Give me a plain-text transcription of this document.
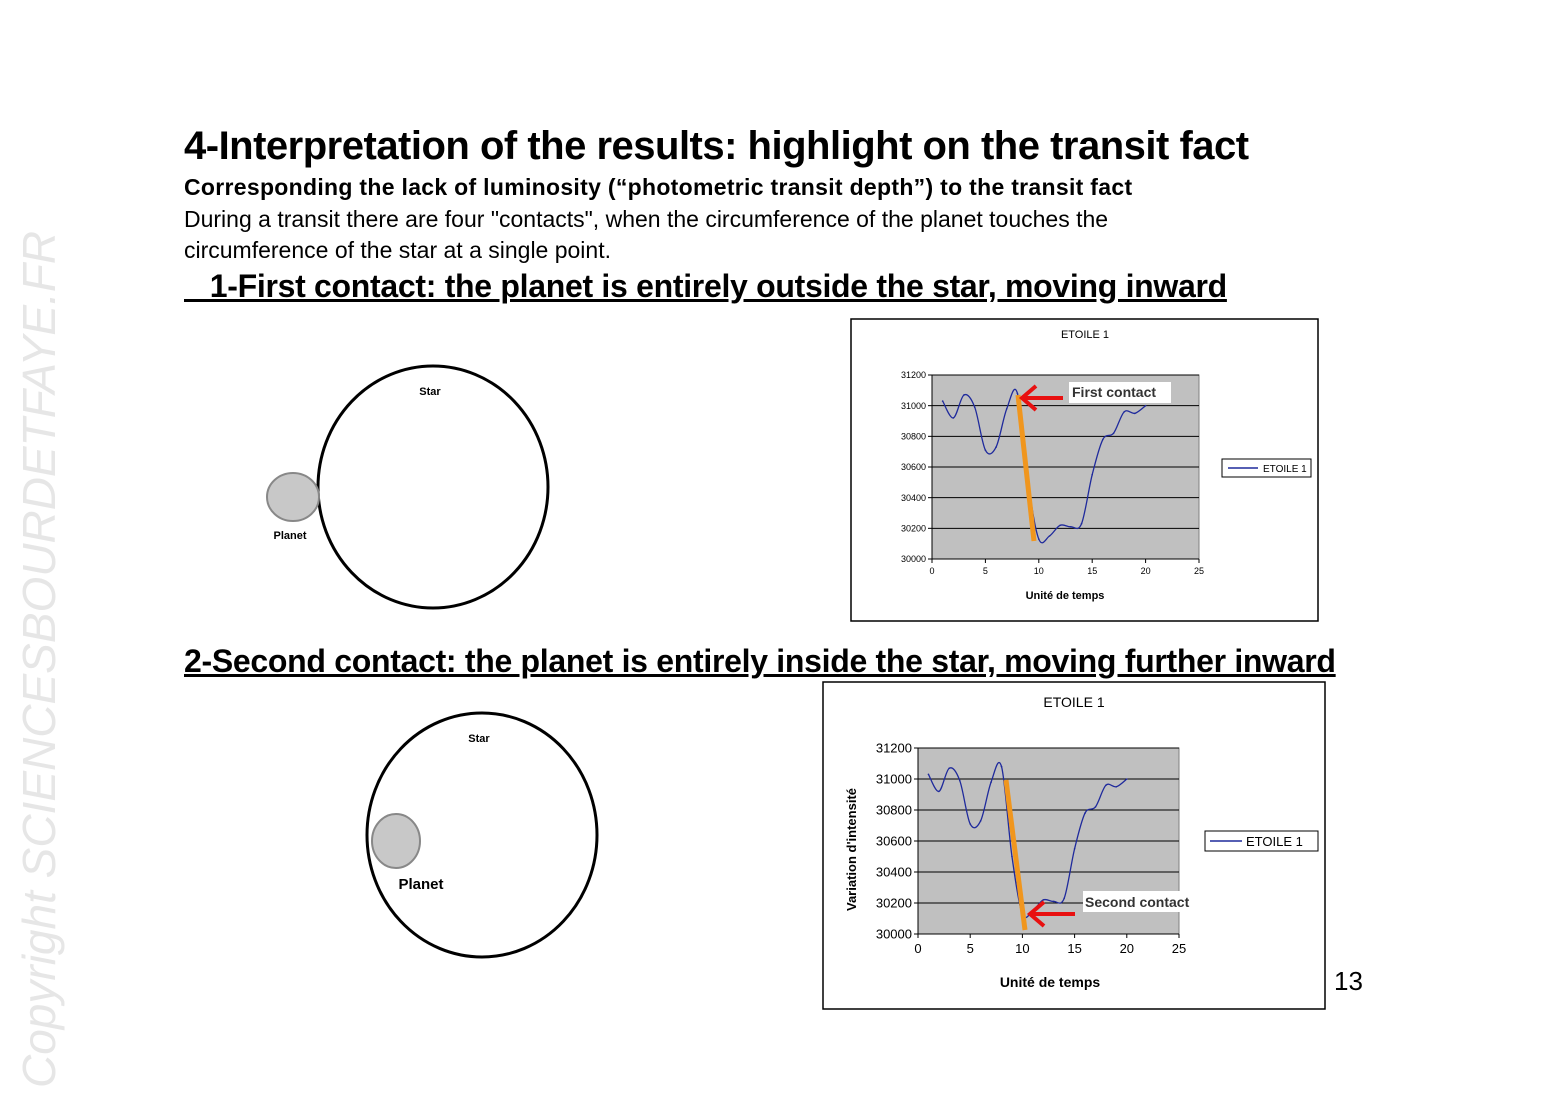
Copyright SCIENCESBOURDETFAYE.FR
4-Interpretation of the results: highlight on the transit fact
Corresponding the lack of luminosity (“photometric transit depth”) to the transit fact
During a transit there are four "contacts", when the circumference of the planet touches the circumference of the star at a single point.
1-First contact: the planet is entirely outside the star, moving inward
Star
Planet
ETOILE 1
Unité de temps
30000
30200
30400
30600
30800
31000
31200
0	5	10	15	20	25
ETOILE 1
First contact
2-Second contact: the planet is entirely inside the star, moving further inward
Star
Planet
ETOILE 1
Variation d'intensité
Unité de temps
30000
30200
30400
30600
30800
31000
31200
0	5	10	15	20	25
ETOILE 1
Second contact
13
